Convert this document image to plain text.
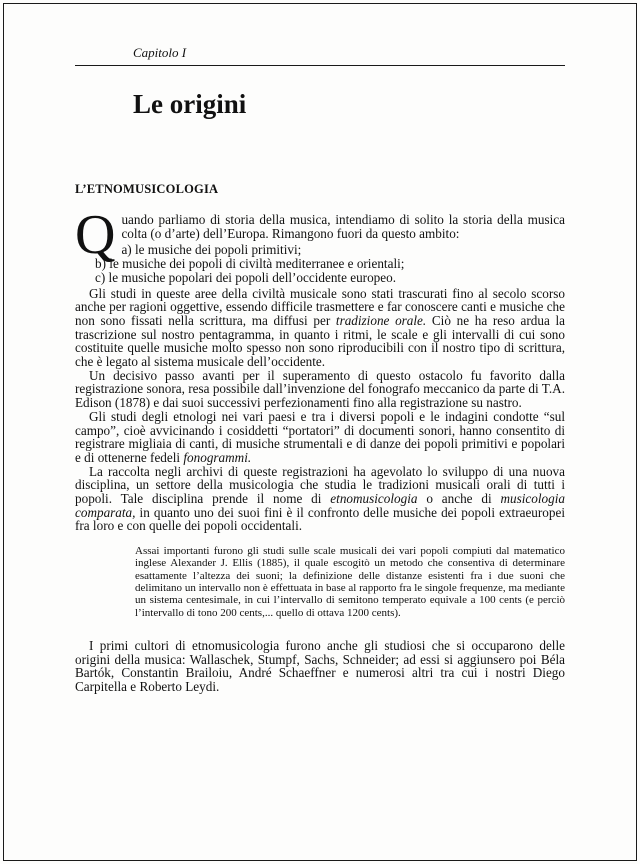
Capitolo I
Le origini
L’ETNOMUSICOLOGIA

Quando parliamo di storia della musica, intendiamo di solito la storia della musica colta (o d’arte) dell’Europa. Rimangono fuori da questo ambito:

a) le musiche dei popoli primitivi;
b) le musiche dei popoli di civiltà mediterranee e orientali;
c) le musiche popolari dei popoli dell’occidente europeo.

Gli studi in queste aree della civiltà musicale sono stati trascurati fino al secolo scorso anche per ragioni oggettive, essendo difficile trasmettere e far conoscere canti e musiche che non sono fissati nella scrittura, ma diffusi per tradizione orale. Ciò ne ha reso ardua la trascrizione sul nostro pentagramma, in quanto i ritmi, le scale e gli intervalli di cui sono costituite quelle musiche molto spesso non sono riproducibili con il nostro tipo di scrittura, che è legato al sistema musicale dell’occidente.

Un decisivo passo avanti per il superamento di questo ostacolo fu favorito dalla registrazione sonora, resa possibile dall’invenzione del fonografo meccanico da parte di T.A. Edison (1878) e dai suoi successivi perfezionamenti fino alla registrazione su nastro.

Gli studi degli etnologi nei vari paesi e tra i diversi popoli e le indagini condotte “sul campo”, cioè avvicinando i cosiddetti “portatori” di documenti sonori, hanno consentito di registrare migliaia di canti, di musiche strumentali e di danze dei popoli primitivi e popolari e di ottenerne fedeli fonogrammi.

La raccolta negli archivi di queste registrazioni ha agevolato lo sviluppo di una nuova disciplina, un settore della musicologia che studia le tradizioni musicali orali di tutti i popoli. Tale disciplina prende il nome di etnomusicologia o anche di musicologia comparata, in quanto uno dei suoi fini è il confronto delle musiche dei popoli extraeuropei fra loro e con quelle dei popoli occidentali.

Assai importanti furono gli studi sulle scale musicali dei vari popoli compiuti dal matematico inglese Alexander J. Ellis (1885), il quale escogitò un metodo che consentiva di determinare esattamente l’altezza dei suoni; la definizione delle distanze esistenti fra i due suoni che delimitano un intervallo non è effettuata in base al rapporto fra le singole frequenze, ma mediante un sistema centesimale, in cui l’intervallo di semitono temperato equivale a 100 cents (e perciò l’intervallo di tono 200 cents,... quello di ottava 1200 cents).

I primi cultori di etnomusicologia furono anche gli studiosi che si occuparono delle origini della musica: Wallaschek, Stumpf, Sachs, Schneider; ad essi si aggiunsero poi Béla Bartók, Constantin Brailoiu, André Schaeffner e numerosi altri tra cui i nostri Diego Carpitella e Roberto Leydi.
